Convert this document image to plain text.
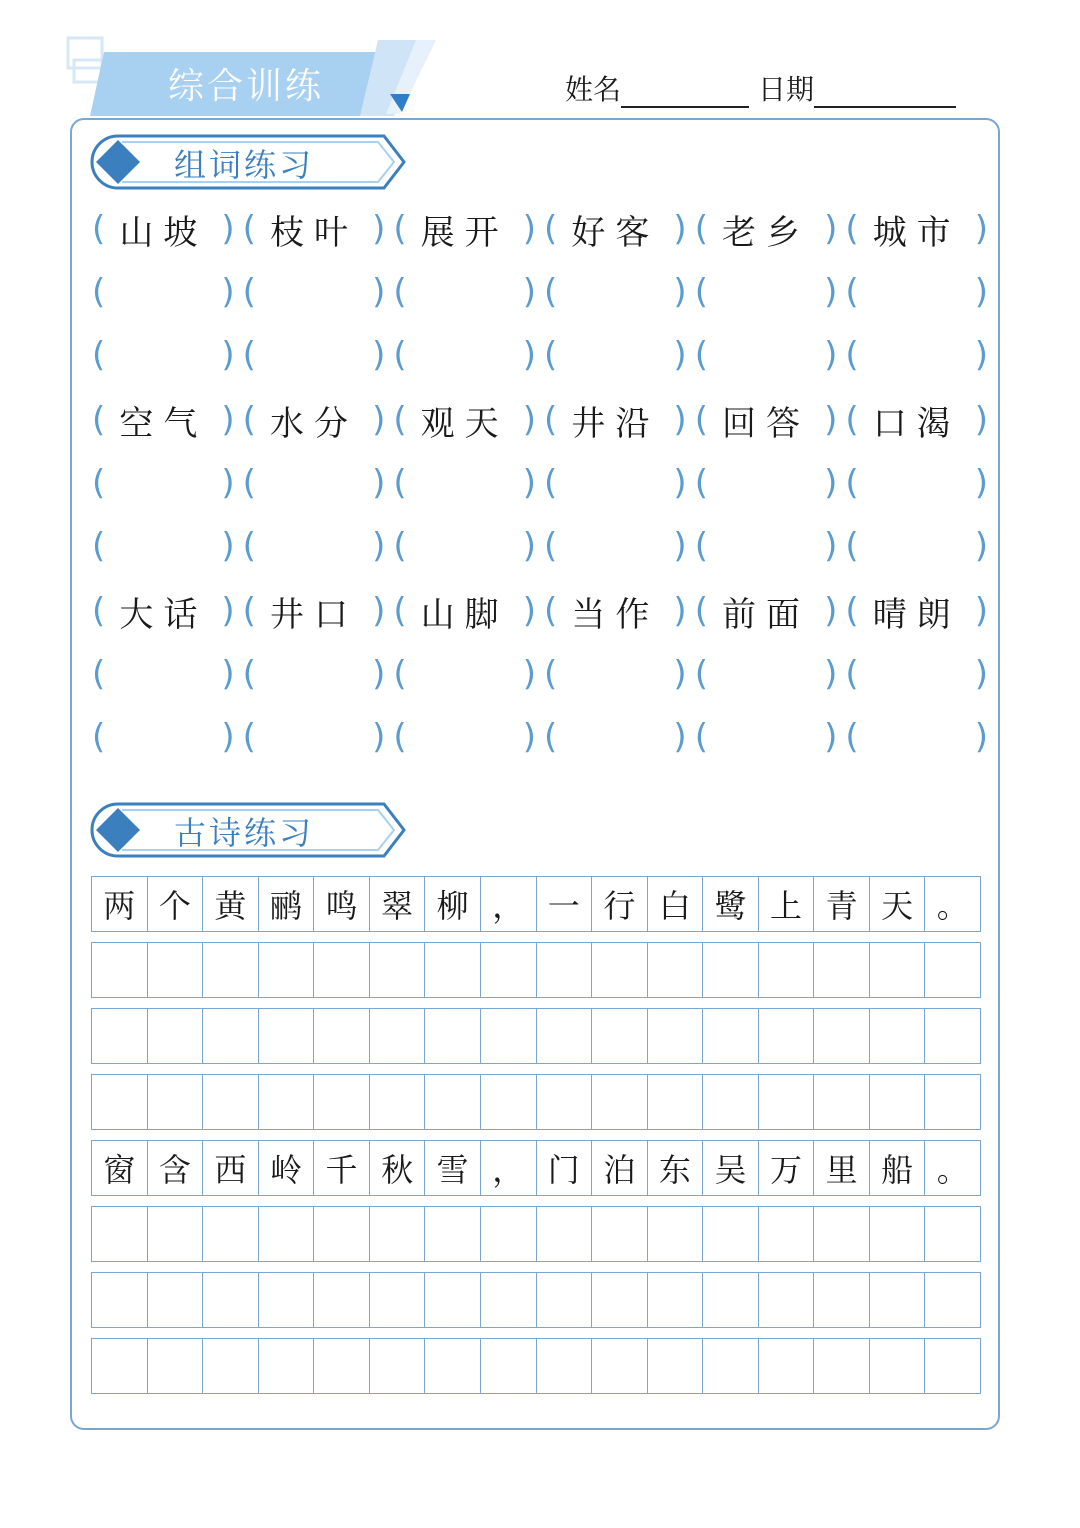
综合训练	姓名	日期
组词练习
( 山坡 ) ( 枝叶 ) ( 展开 ) ( 好客 ) ( 老乡 ) ( 城市 )
(	) (	) (	) (	) (	) (	)
(	) (	) (	) (	) (	) (	)
( 空气 ) ( 水分 ) ( 观天 ) ( 井沿 ) ( 回答 ) ( 口渴 )
(	) (	) (	) (	) (	) (	)
(	) (	) (	) (	) (	) (	)
( 大话 ) ( 井口 ) ( 山脚 ) ( 当作 ) ( 前面 ) ( 晴朗 )
(	) (	) (	) (	) (	) (	)
(	) (	) (	) (	) (	) (	)
古诗练习
两 个 黄 鹂 鸣 翠 柳 ， 一 行 白 鹭 上 青 天 。
窗 含 西 岭 千 秋 雪 ， 门 泊 东 吴 万 里 船 。
